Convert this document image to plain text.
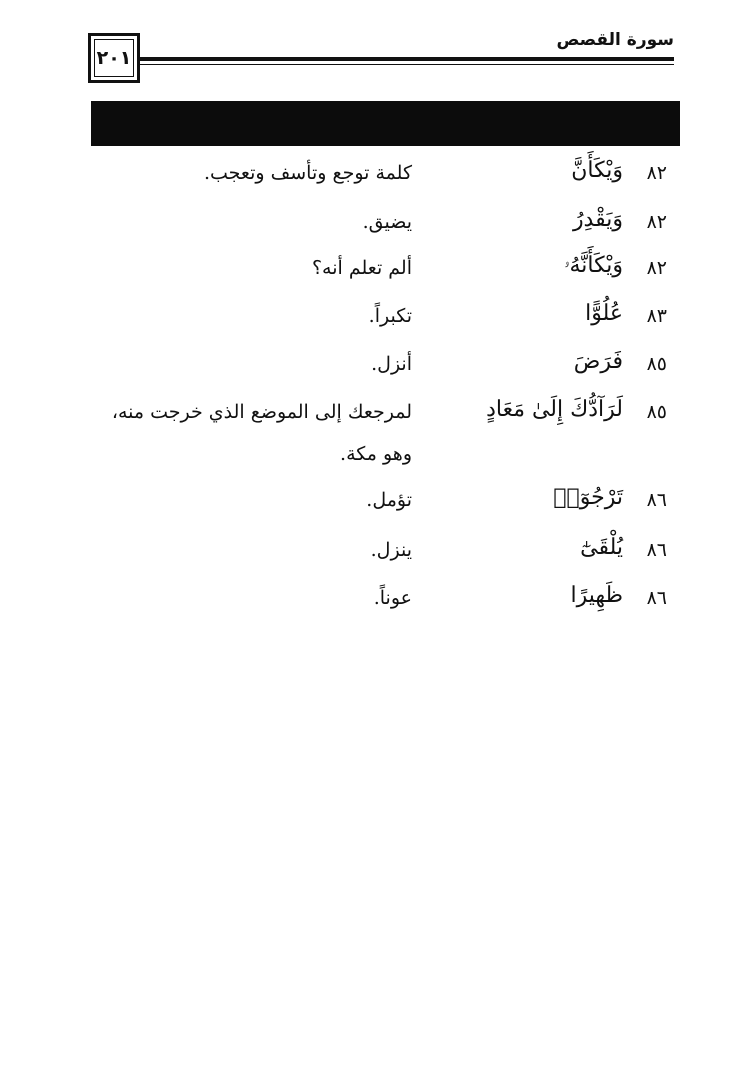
٢٠١
سورة القصص
٨٢
وَيْكَأَنَّ
كلمة توجع وتأسف وتعجب.
٨٢
وَيَقْدِرُ
يضيق.
٨٢
وَيْكَأَنَّهُۥ
ألم تعلم أنه؟
٨٣
عُلُوًّا
تكبراً.
٨٥
فَرَضَ
أنزل.
٨٥
لَرَآدُّكَ إِلَىٰ مَعَادٍ
لمرجعك إلى الموضع الذي خرجت منه، وهو مكة.
٨٦
تَرْجُوٓا۟
تؤمل.
٨٦
يُلْقَىٰٓ
ينزل.
٨٦
ظَهِيرًا
عوناً.
